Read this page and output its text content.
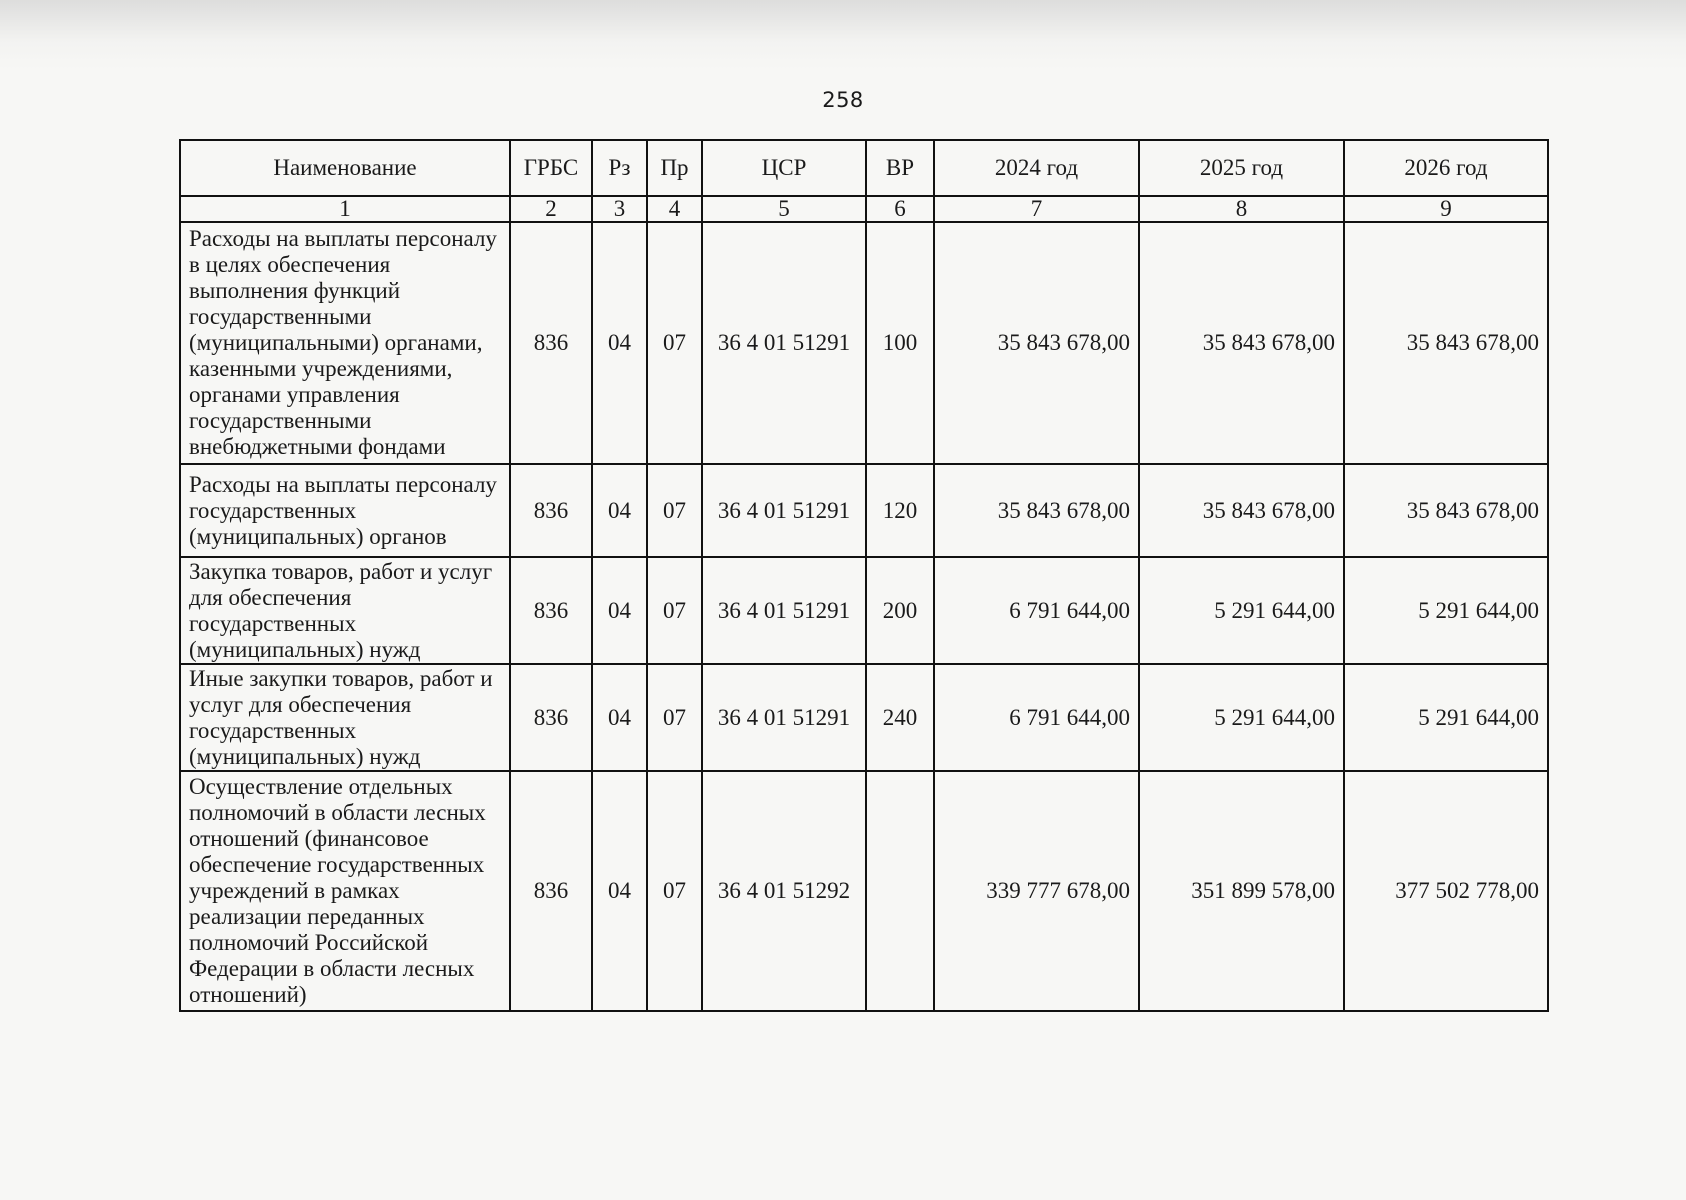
258
Наименование	ГРБС	Рз	Пр	ЦСР	ВР	2024 год	2025 год	2026 год
1	2	3	4	5	6	7	8	9
Расходы на выплаты персоналу в целях обеспечения выполнения функций государственными (муниципальными) органами, казенными учреждениями, органами управления государственными внебюджетными фондами	836	04	07	36 4 01 51291	100	35 843 678,00	35 843 678,00	35 843 678,00
Расходы на выплаты персоналу государственных (муниципальных) органов	836	04	07	36 4 01 51291	120	35 843 678,00	35 843 678,00	35 843 678,00
Закупка товаров, работ и услуг для обеспечения государственных (муниципальных) нужд	836	04	07	36 4 01 51291	200	6 791 644,00	5 291 644,00	5 291 644,00
Иные закупки товаров, работ и услуг для обеспечения государственных (муниципальных) нужд	836	04	07	36 4 01 51291	240	6 791 644,00	5 291 644,00	5 291 644,00
Осуществление отдельных полномочий в области лесных отношений (финансовое обеспечение государственных учреждений в рамках реализации переданных полномочий Российской Федерации в области лесных отношений)	836	04	07	36 4 01 51292		339 777 678,00	351 899 578,00	377 502 778,00
